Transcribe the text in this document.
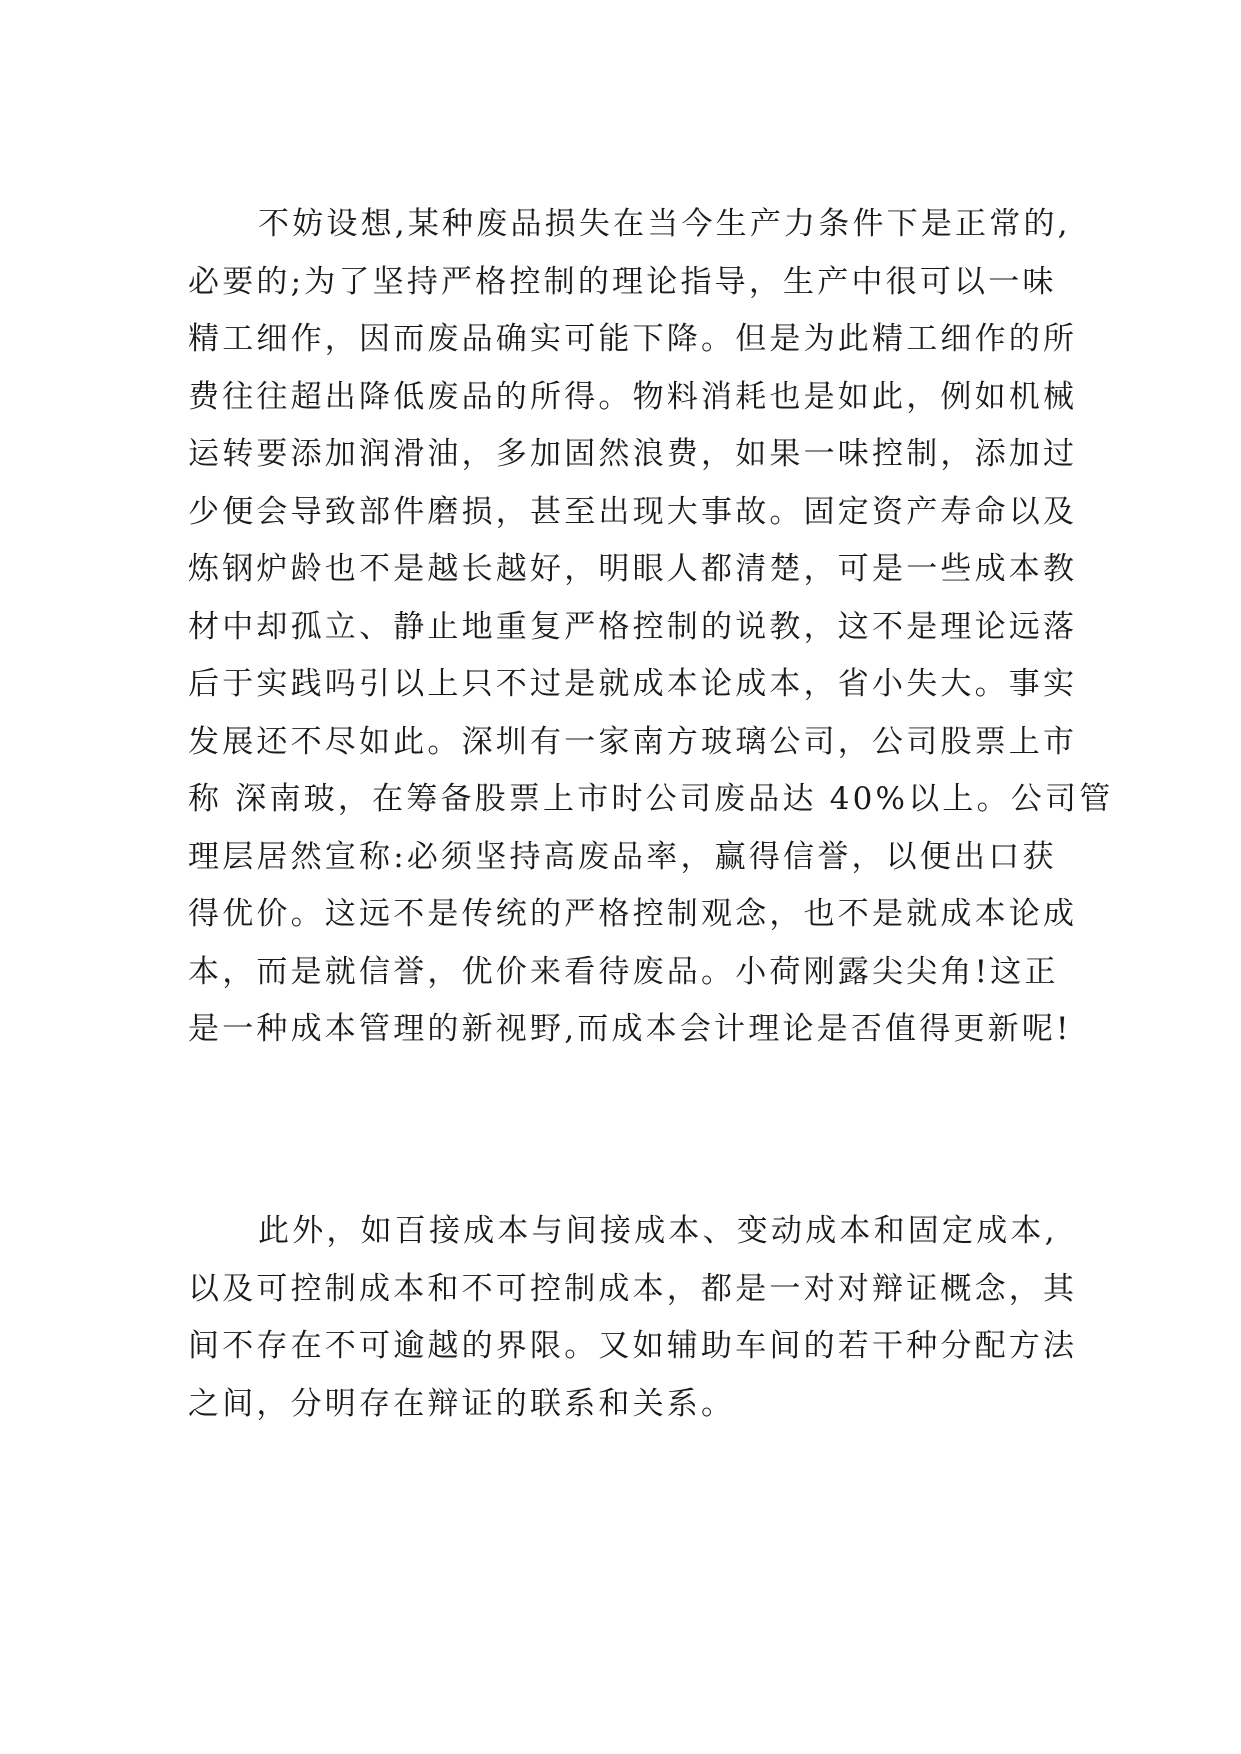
不妨设想,某种废品损失在当今生产力条件下是正常的,
必要的;为了坚持严格控制的理论指导，生产中很可以一味
精工细作，因而废品确实可能下降。但是为此精工细作的所
费往往超出降低废品的所得。物料消耗也是如此，例如机械
运转要添加润滑油，多加固然浪费，如果一味控制，添加过
少便会导致部件磨损，甚至出现大事故。固定资产寿命以及
炼钢炉龄也不是越长越好，明眼人都清楚，可是一些成本教
材中却孤立、静止地重复严格控制的说教，这不是理论远落
后于实践吗引以上只不过是就成本论成本，省小失大。事实
发展还不尽如此。深圳有一家南方玻璃公司，公司股票上市
称 深南玻，在筹备股票上市时公司废品达 40%以上。公司管
理层居然宣称:必须坚持高废品率，赢得信誉，以便出口获
得优价。这远不是传统的严格控制观念，也不是就成本论成
本，而是就信誉，优价来看待废品。小荷刚露尖尖角!这正
是一种成本管理的新视野,而成本会计理论是否值得更新呢!
此外，如百接成本与间接成本、变动成本和固定成本,
以及可控制成本和不可控制成本，都是一对对辩证概念，其
间不存在不可逾越的界限。又如辅助车间的若干种分配方法
之间，分明存在辩证的联系和关系。
